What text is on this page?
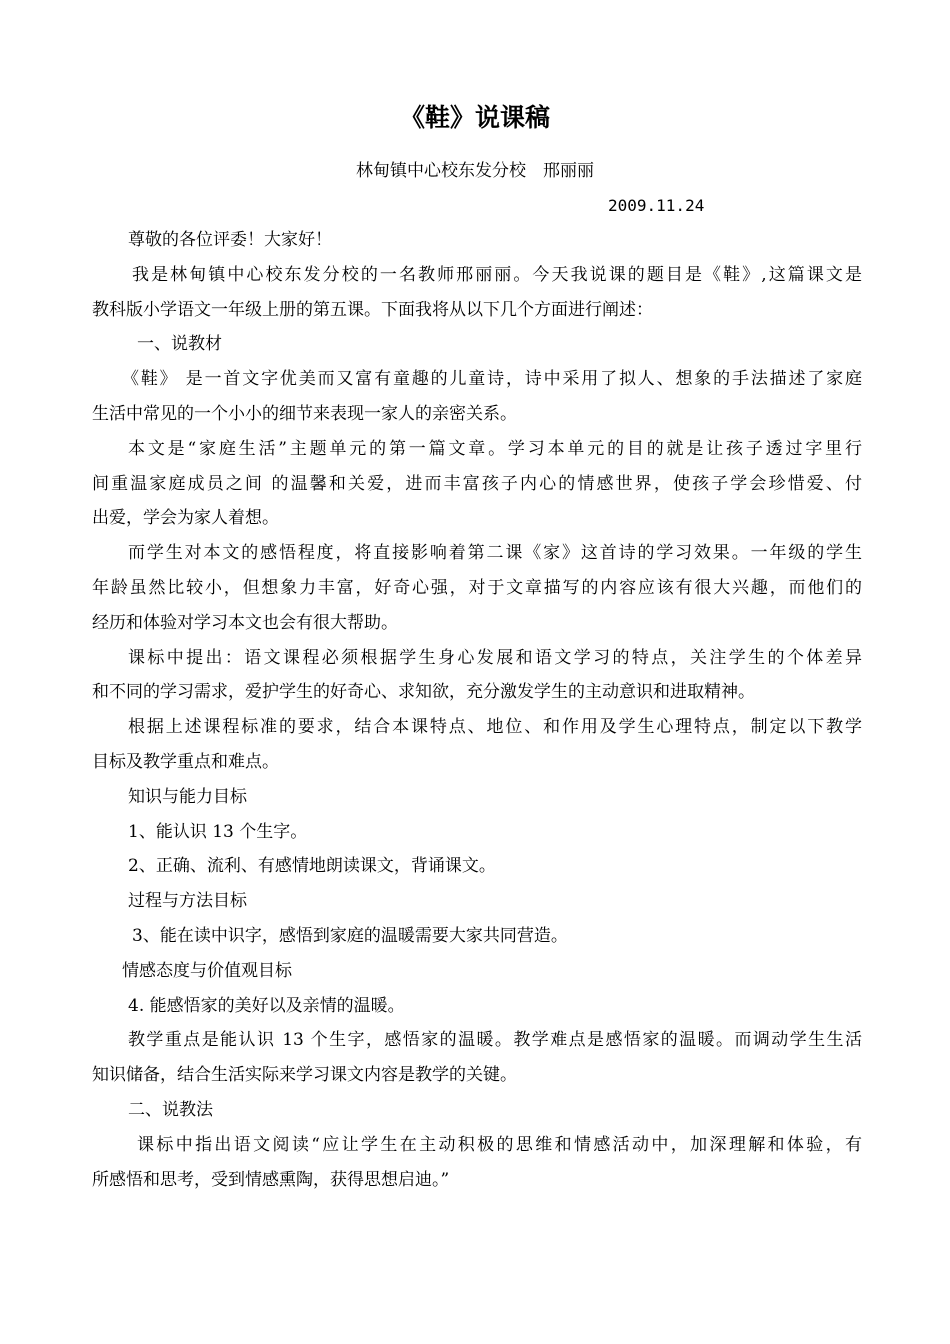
《鞋》说课稿
林甸镇中心校东发分校　邢丽丽
2009.11.24
尊敬的各位评委！大家好！
我是林甸镇中心校东发分校的一名教师邢丽丽。今天我说课的题目是《鞋》,这篇课文是
教科版小学语文一年级上册的第五课。下面我将从以下几个方面进行阐述：
一、说教材
《鞋》 是一首文字优美而又富有童趣的儿童诗，诗中采用了拟人、想象的手法描述了家庭
生活中常见的一个小小的细节来表现一家人的亲密关系。
本文是“家庭生活”主题单元的第一篇文章。学习本单元的目的就是让孩子透过字里行
间重温家庭成员之间 的温馨和关爱，进而丰富孩子内心的情感世界，使孩子学会珍惜爱、付
出爱，学会为家人着想。
而学生对本文的感悟程度，将直接影响着第二课《家》这首诗的学习效果。一年级的学生
年龄虽然比较小，但想象力丰富，好奇心强，对于文章描写的内容应该有很大兴趣，而他们的
经历和体验对学习本文也会有很大帮助。
课标中提出：语文课程必须根据学生身心发展和语文学习的特点，关注学生的个体差异
和不同的学习需求，爱护学生的好奇心、求知欲，充分激发学生的主动意识和进取精神。
根据上述课程标准的要求，结合本课特点、地位、和作用及学生心理特点，制定以下教学
目标及教学重点和难点。
知识与能力目标
1、能认识 13 个生字。
2、正确、流利、有感情地朗读课文，背诵课文。
过程与方法目标
3、能在读中识字，感悟到家庭的温暖需要大家共同营造。
情感态度与价值观目标
4. 能感悟家的美好以及亲情的温暖。
教学重点是能认识 13 个生字，感悟家的温暖。教学难点是感悟家的温暖。而调动学生生活
知识储备，结合生活实际来学习课文内容是教学的关键。
二、说教法
课标中指出语文阅读“应让学生在主动积极的思维和情感活动中，加深理解和体验，有
所感悟和思考，受到情感熏陶，获得思想启迪。”
